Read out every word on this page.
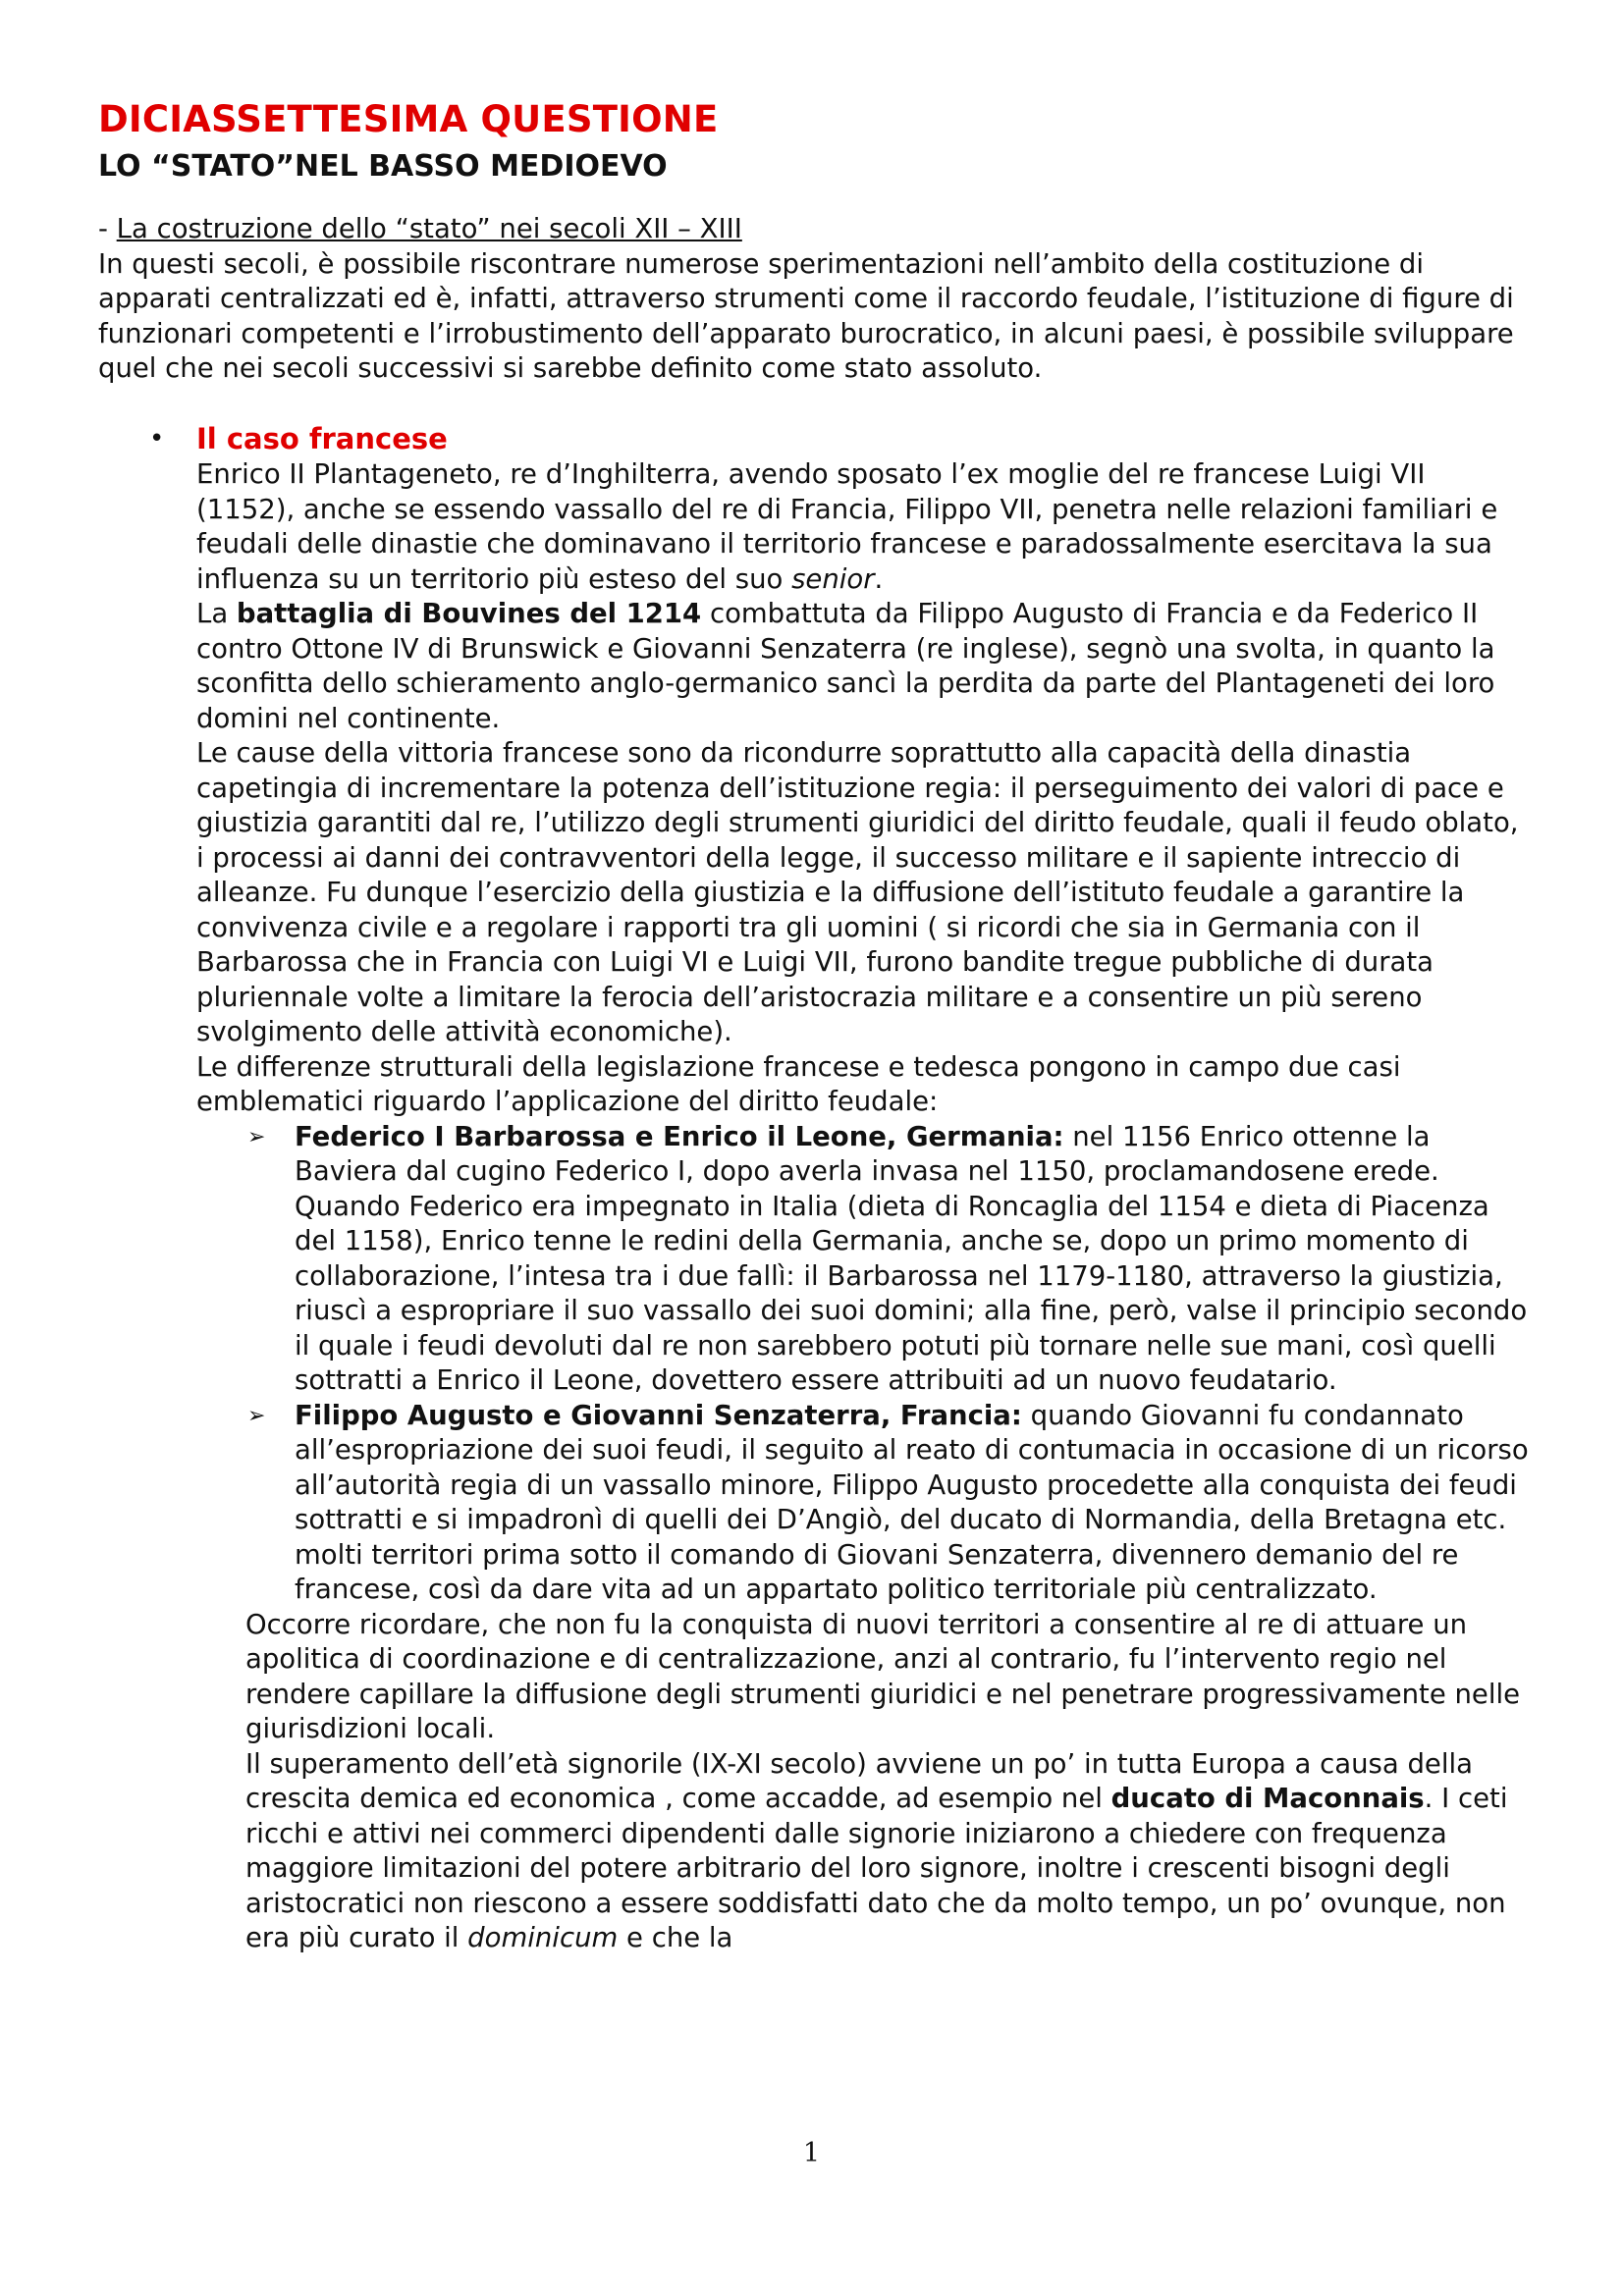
DICIASSETTESIMA QUESTIONE
LO “STATO”NEL BASSO MEDIOEVO

- La costruzione dello “stato” nei secoli XII – XIII

In questi secoli, è possibile riscontrare numerose sperimentazioni nell’ambito della costituzione di apparati centralizzati ed è, infatti, attraverso strumenti come il raccordo feudale, l’istituzione di figure di funzionari competenti e l’irrobustimento dell’apparato burocratico, in alcuni paesi, è possibile sviluppare quel che nei secoli successivi si sarebbe definito come stato assoluto.

• Il caso francese

Enrico II Plantageneto, re d’Inghilterra, avendo sposato l’ex moglie del re francese Luigi VII (1152), anche se essendo vassallo del re di Francia, Filippo VII, penetra nelle relazioni familiari e feudali delle dinastie che dominavano il territorio francese e paradossalmente esercitava la sua influenza su un territorio più esteso del suo senior.

La battaglia di Bouvines del 1214 combattuta da Filippo Augusto di Francia e da Federico II contro Ottone IV di Brunswick e Giovanni Senzaterra (re inglese), segnò una svolta, in quanto la sconfitta dello schieramento anglo-germanico sancì la perdita da parte del Plantageneti dei loro domini nel continente.

Le cause della vittoria francese sono da ricondurre soprattutto alla capacità della dinastia capetingia di incrementare la potenza dell’istituzione regia: il perseguimento dei valori di pace e giustizia garantiti dal re, l’utilizzo degli strumenti giuridici del diritto feudale, quali il feudo oblato, i processi ai danni dei contravventori della legge, il successo militare e il sapiente intreccio di alleanze. Fu dunque l’esercizio della giustizia e la diffusione dell’istituto feudale a garantire la convivenza civile e a regolare i rapporti tra gli uomini ( si ricordi che sia in Germania con il Barbarossa che in Francia con Luigi VI e Luigi VII, furono bandite tregue pubbliche di durata pluriennale volte a limitare la ferocia dell’aristocrazia militare e a consentire un più sereno svolgimento delle attività economiche).

Le differenze strutturali della legislazione francese e tedesca pongono in campo due casi emblematici riguardo l’applicazione del diritto feudale:

➢ Federico I Barbarossa e Enrico il Leone, Germania: nel 1156 Enrico ottenne la Baviera dal cugino Federico I, dopo averla invasa nel 1150, proclamandosene erede. Quando Federico era impegnato in Italia (dieta di Roncaglia del 1154 e dieta di Piacenza del 1158), Enrico tenne le redini della Germania, anche se, dopo un primo momento di collaborazione, l’intesa tra i due fallì: il Barbarossa nel 1179-1180, attraverso la giustizia, riuscì a espropriare il suo vassallo dei suoi domini; alla fine, però, valse il principio secondo il quale i feudi devoluti dal re non sarebbero potuti più tornare nelle sue mani, così quelli sottratti a Enrico il Leone, dovettero essere attribuiti ad un nuovo feudatario.

➢ Filippo Augusto e Giovanni Senzaterra, Francia: quando Giovanni fu condannato all’espropriazione dei suoi feudi, il seguito al reato di contumacia in occasione di un ricorso all’autorità regia di un vassallo minore, Filippo Augusto procedette alla conquista dei feudi sottratti e si impadronì di quelli dei D’Angiò, del ducato di Normandia, della Bretagna etc. molti territori prima sotto il comando di Giovani Senzaterra, divennero demanio del re francese, così da dare vita ad un appartato politico territoriale più centralizzato.

Occorre ricordare, che non fu la conquista di nuovi territori a consentire al re di attuare un apolitica di coordinazione e di centralizzazione, anzi al contrario, fu l’intervento regio nel rendere capillare la diffusione degli strumenti giuridici e nel penetrare progressivamente nelle giurisdizioni locali.

Il superamento dell’età signorile (IX-XI secolo) avviene un po’ in tutta Europa a causa della crescita demica ed economica , come accadde, ad esempio nel ducato di Maconnais. I ceti ricchi e attivi nei commerci dipendenti dalle signorie iniziarono a chiedere con frequenza maggiore limitazioni del potere arbitrario del loro signore, inoltre i crescenti bisogni degli aristocratici non riescono a essere soddisfatti dato che da molto tempo, un po’ ovunque, non era più curato il dominicum e che la

1
